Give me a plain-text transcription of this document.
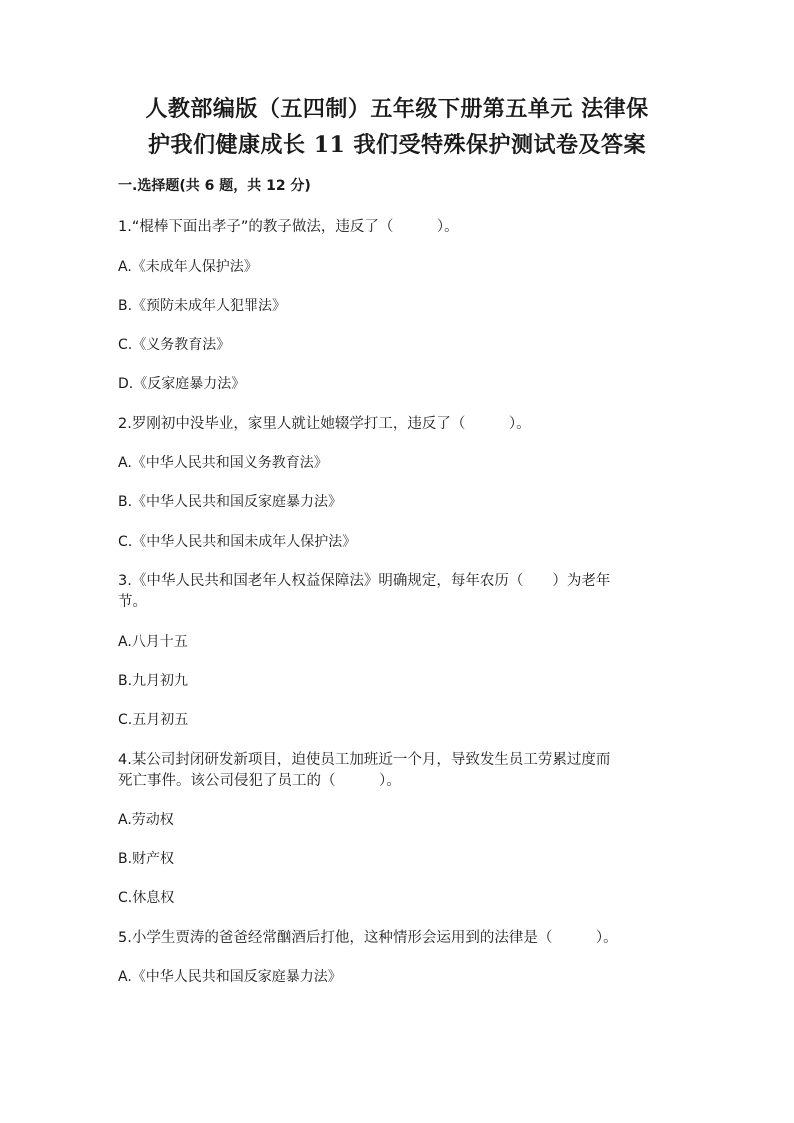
人教部编版（五四制）五年级下册第五单元 法律保
护我们健康成长 11 我们受特殊保护测试卷及答案
一.选择题(共 6 题，共 12 分)
1.“棍棒下面出孝子”的教子做法，违反了（　　　）。
A.《未成年人保护法》
B.《预防未成年人犯罪法》
C.《义务教育法》
D.《反家庭暴力法》
2.罗刚初中没毕业，家里人就让她辍学打工，违反了（　　　）。
A.《中华人民共和国义务教育法》
B.《中华人民共和国反家庭暴力法》
C.《中华人民共和国未成年人保护法》
3.《中华人民共和国老年人权益保障法》明确规定，每年农历（　　）为老年
节。
A.八月十五
B.九月初九
C.五月初五
4.某公司封闭研发新项目，迫使员工加班近一个月，导致发生员工劳累过度而
死亡事件。该公司侵犯了员工的（　　　）。
A.劳动权
B.财产权
C.休息权
5.小学生贾涛的爸爸经常酗酒后打他，这种情形会运用到的法律是（　　　）。
A.《中华人民共和国反家庭暴力法》
